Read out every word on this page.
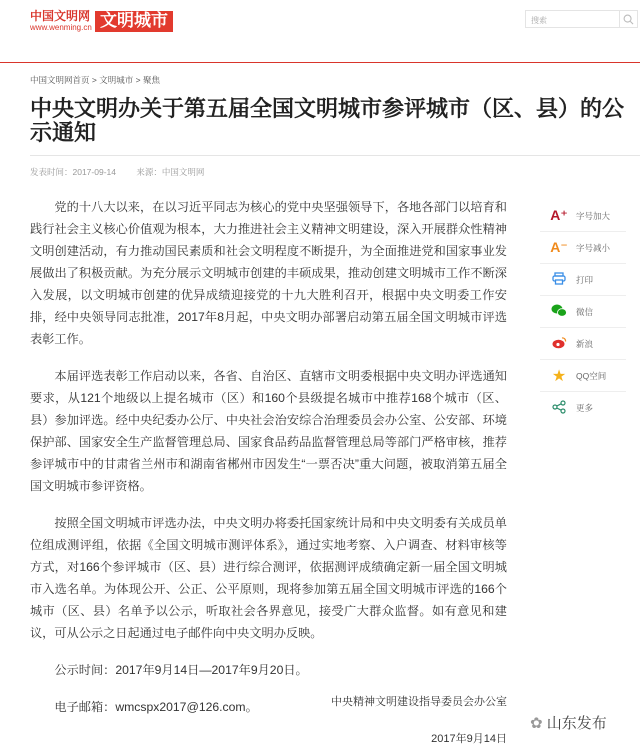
中国文明网
www.wenming.cn 文明城市	搜索
中国文明网首页 > 文明城市 > 聚焦
中央文明办关于第五届全国文明城市参评城市（区、县）的公示通知
发表时间：2017-09-14 来源：中国文明网

党的十八大以来，在以习近平同志为核心的党中央坚强领导下，各地各部门以培育和践行社会主义核心价值观为根本，大力推进社会主义精神文明建设，深入开展群众性精神文明创建活动，有力推动国民素质和社会文明程度不断提升，为全面推进党和国家事业发展做出了积极贡献。为充分展示文明城市创建的丰硕成果，推动创建文明城市工作不断深入发展，以文明城市创建的优异成绩迎接党的十九大胜利召开，根据中央文明委工作安排，经中央领导同志批准，2017年8月起，中央文明办部署启动第五届全国文明城市评选表彰工作。

本届评选表彰工作启动以来，各省、自治区、直辖市文明委根据中央文明办评选通知要求，从121个地级以上提名城市（区）和160个县级提名城市中推荐168个城市（区、县）参加评选。经中央纪委办公厅、中央社会治安综合治理委员会办公室、公安部、环境保护部、国家安全生产监督管理总局、国家食品药品监督管理总局等部门严格审核，推荐参评城市中的甘肃省兰州市和湖南省郴州市因发生“一票否决”重大问题，被取消第五届全国文明城市参评资格。

按照全国文明城市评选办法，中央文明办将委托国家统计局和中央文明委有关成员单位组成测评组，依据《全国文明城市测评体系》，通过实地考察、入户调查、材料审核等方式，对166个参评城市（区、县）进行综合测评，依据测评成绩确定新一届全国文明城市入选名单。为体现公开、公正、公平原则，现将参加第五届全国文明城市评选的166个城市（区、县）名单予以公示，听取社会各界意见，接受广大群众监督。如有意见和建议，可从公示之日起通过电子邮件向中央文明办反映。

公示时间：2017年9月14日—2017年9月20日。

电子邮箱：wmcspx2017@126.com。	中央精神文明建设指导委员会办公室
2017年9月14日
A⁺ 字号加大
A⁻ 字号减小
打印
微信
新浪
★	QQ空间
更多
✿ 山东发布
